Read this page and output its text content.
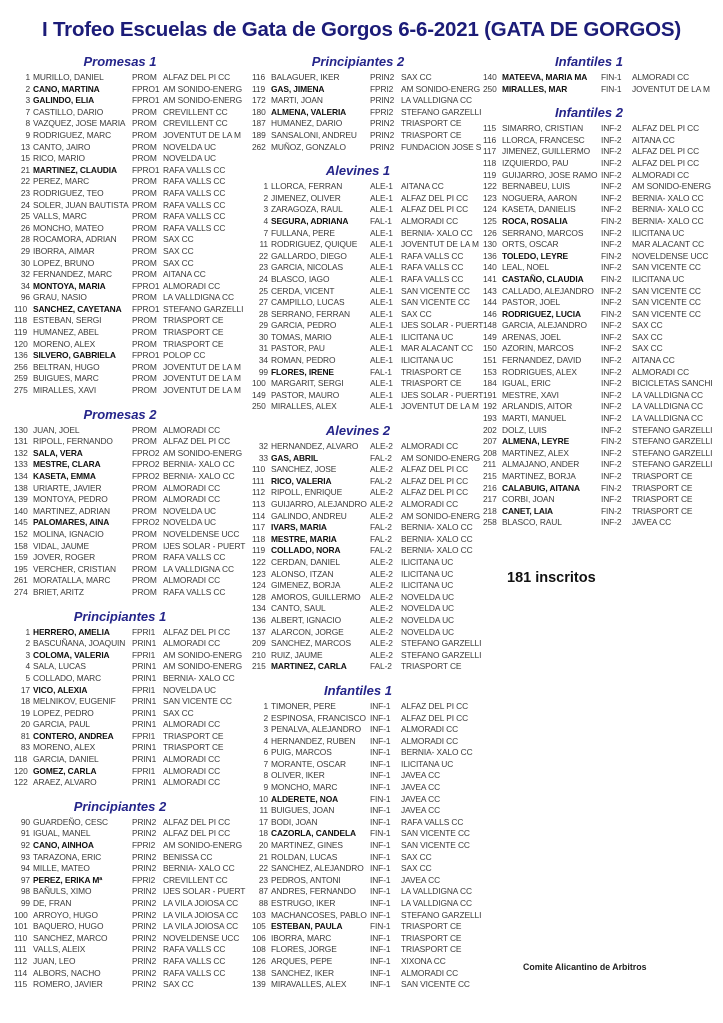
I Trofeo Escuelas de Gata de Gorgos 6-6-2021 (GATA DE GORGOS)
Promesas 1
1 MURILLO, DANIEL	PROM ALFAZ DEL PI CC
2 CANO, MARTINA	FPRO1 AM SONIDO-ENERG
3 GALINDO, ELIA	FPRO1 AM SONIDO-ENERG
7 CASTILLO, DARIO	PROM CREVILLENT CC
8 VAZQUEZ, JOSE MARIA PROM CREVILLENT CC
9 RODRIGUEZ, MARC	PROM JOVENTUT DE LA M
13 CANTO, JAIRO	PROM NOVELDA UC
15 RICO, MARIO	PROM NOVELDA UC
21 MARTINEZ, CLAUDIA	FPRO1 RAFA VALLS CC
22 PEREZ, MARC	PROM RAFA VALLS CC
23 RODRIGUEZ, TEO	PROM RAFA VALLS CC
24 SOLER, JUAN BAUTISTA PROM RAFA VALLS CC
25 VALLS, MARC	PROM RAFA VALLS CC
26 MONCHO, MATEO	PROM RAFA VALLS CC
28 ROCAMORA, ADRIAN	PROM SAX CC
29 IBORRA, AIMAR	PROM SAX CC
30 LOPEZ, BRUNO	PROM SAX CC
32 FERNANDEZ, MARC	PROM AITANA CC
34 MONTOYA, MARIA	FPRO1 ALMORADI CC
96 GRAU, NASIO	PROM LA VALLDIGNA CC
110 SANCHEZ, CAYETANA	FPRO1 STEFANO GARZELLI
118 ESTEBAN, SERGI	PROM TRIASPORT CE
119 HUMANEZ, ABEL	PROM TRIASPORT CE
120 MORENO, ALEX	PROM TRIASPORT CE
136 SILVERO, GABRIELA	FPRO1 POLOP CC
256 BELTRAN, HUGO	PROM JOVENTUT DE LA M
259 BUIGUES, MARC	PROM JOVENTUT DE LA M
275 MIRALLES, XAVI	PROM JOVENTUT DE LA M
Promesas 2
130 JUAN, JOEL	PROM ALMORADI CC
131 RIPOLL, FERNANDO	PROM ALFAZ DEL PI CC
132 SALA, VERA	FPRO2 AM SONIDO-ENERG
133 MESTRE, CLARA	FPRO2 BERNIA- XALO CC
134 KASETA, EMMA	FPRO2 BERNIA- XALO CC
138 URIARTE, JAVIER	PROM ALMORADI CC
139 MONTOYA, PEDRO	PROM ALMORADI CC
140 MARTINEZ, ADRIAN	PROM NOVELDA UC
145 PALOMARES, AINA	FPRO2 NOVELDA UC
152 MOLINA, IGNACIO	PROM NOVELDENSE UCC
158 VIDAL, JAUME	PROM IJES SOLAR - PUERT
159 JOVER, ROGER	PROM RAFA VALLS CC
195 VERCHER, CRISTIAN	PROM LA VALLDIGNA CC
261 MORATALLA, MARC	PROM ALMORADI CC
274 BRIET, ARITZ	PROM RAFA VALLS CC
Principiantes 1
1 HERRERO, AMELIA	FPRI1 ALFAZ DEL PI CC
2 BASCUÑANA, JOAQUIN PRIN1 ALMORADI CC
3 COLOMA, VALERIA	FPRI1 AM SONIDO-ENERG
4 SALA, LUCAS	PRIN1 AM SONIDO-ENERG
5 COLLADO, MARC	PRIN1 BERNIA- XALO CC
17 VICO, ALEXIA	FPRI1 NOVELDA UC
18 MELNIKOV, EUGENIF	PRIN1 SAN VICENTE CC
19 LOPEZ, PEDRO	PRIN1 SAX CC
20 GARCIA, PAUL	PRIN1 ALMORADI CC
81 CONTERO, ANDREA	FPRI1 TRIASPORT CE
83 MORENO, ALEX	PRIN1 TRIASPORT CE
118 GARCIA, DANIEL	PRIN1 ALMORADI CC
120 GOMEZ, CARLA	FPRI1 ALMORADI CC
122 ARAEZ, ALVARO	PRIN1 ALMORADI CC
Principiantes 2
90 GUARDEÑO, CESC	PRIN2 ALFAZ DEL PI CC
91 IGUAL, MANEL	PRIN2 ALFAZ DEL PI CC
92 CANO, AINHOA	FPRI2 AM SONIDO-ENERG
93 TARAZONA, ERIC	PRIN2 BENISSA CC
94 MILLE, MATEO	PRIN2 BERNIA- XALO CC
97 PEREZ, ERIKA Mª	FPRI2 CREVILLENT CC
98 BAÑULS, XIMO	PRIN2 IJES SOLAR - PUERT
99 DE, FRAN	PRIN2 LA VILA JOIOSA CC
100 ARROYO, HUGO	PRIN2 LA VILA JOIOSA CC
101 BAQUERO, HUGO	PRIN2 LA VILA JOIOSA CC
110 SANCHEZ, MARCO	PRIN2 NOVELDENSE UCC
111 VALLS, ALEIX	PRIN2 RAFA VALLS CC
112 JUAN, LEO	PRIN2 RAFA VALLS CC
114 ALBORS, NACHO	PRIN2 RAFA VALLS CC
115 ROMERO, JAVIER	PRIN2 SAX CC
Principiantes 2
116 BALAGUER, IKER	PRIN2 SAX CC
119 GAS, JIMENA	FPRI2 AM SONIDO-ENERG
172 MARTI, JOAN	PRIN2 LA VALLDIGNA CC
180 ALMENA, VALERIA	FPRI2 STEFANO GARZELLI
187 HUMANEZ, DARIO	PRIN2 TRIASPORT CE
189 SANSALONI, ANDREU	PRIN2 TRIASPORT CE
262 MUÑOZ, GONZALO	PRIN2 FUNDACION JOSE S
Alevines 1
1 LLORCA, FERRAN	ALE-1 AITANA CC
2 JIMENEZ, OLIVER	ALE-1 ALFAZ DEL PI CC
3 ZARAGOZA, RAUL	ALE-1 ALFAZ DEL PI CC
4 SEGURA, ADRIANA	FAL-1	ALMORADI CC
7 FULLANA, PERE	ALE-1 BERNIA- XALO CC
11 RODRIGUEZ, QUIQUE	ALE-1 JOVENTUT DE LA M
22 GALLARDO, DIEGO	ALE-1 RAFA VALLS CC
23 GARCIA, NICOLAS	ALE-1 RAFA VALLS CC
24 BLASCO, IAGO	ALE-1 RAFA VALLS CC
25 CERDA, VICENT	ALE-1 SAN VICENTE CC
27 CAMPILLO, LUCAS	ALE-1 SAN VICENTE CC
28 SERRANO, FERRAN	ALE-1 SAX CC
29 GARCIA, PEDRO	ALE-1 IJES SOLAR - PUERT
30 TOMAS, MARIO	ALE-1 ILICITANA UC
31 PASTOR, PAU	ALE-1 MAR ALACANT CC
34 ROMAN, PEDRO	ALE-1 ILICITANA UC
99 FLORES, IRENE	FAL-1	TRIASPORT CE
100 MARGARIT, SERGI	ALE-1 TRIASPORT CE
149 PASTOR, MAURO	ALE-1 IJES SOLAR - PUERT
250 MIRALLES, ALEX	ALE-1 JOVENTUT DE LA M
Alevines 2
32 HERNANDEZ, ALVARO	ALE-2 ALMORADI CC
33 GAS, ABRIL	FAL-2	AM SONIDO-ENERG
110 SANCHEZ, JOSE	ALE-2 ALFAZ DEL PI CC
111 RICO, VALERIA	FAL-2	ALFAZ DEL PI CC
112 RIPOLL, ENRIQUE	ALE-2 ALFAZ DEL PI CC
113 GUIJARRO, ALEJANDRO ALE-2 ALMORADI CC
114 GALINDO, ANDREU	ALE-2 AM SONIDO-ENERG
117 IVARS, MARIA	FAL-2	BERNIA- XALO CC
118 MESTRE, MARIA	FAL-2	BERNIA- XALO CC
119 COLLADO, NORA	FAL-2	BERNIA- XALO CC
122 CERDAN, DANIEL	ALE-2 ILICITANA UC
123 ALONSO, ITZAN	ALE-2 ILICITANA UC
124 GIMENEZ, BORJA	ALE-2 ILICITANA UC
128 AMOROS, GUILLERMO	ALE-2 NOVELDA UC
134 CANTO, SAUL	ALE-2 NOVELDA UC
136 ALBERT, IGNACIO	ALE-2 NOVELDA UC
137 ALARCON, JORGE	ALE-2 NOVELDA UC
209 SANCHEZ, MARCOS	ALE-2 STEFANO GARZELLI
210 RUIZ, JAUME	ALE-2 STEFANO GARZELLI
215 MARTINEZ, CARLA	FAL-2	TRIASPORT CE
Infantiles 1
1 TIMONER, PERE	INF-1	ALFAZ DEL PI CC
2 ESPINOSA, FRANCISCO INF-1	ALFAZ DEL PI CC
3 PENALVA, ALEJANDRO	INF-1	ALMORADI CC
4 HERNANDEZ, RUBEN	INF-1	ALMORADI CC
6 PUIG, MARCOS	INF-1	BERNIA- XALO CC
7 MORANTE, OSCAR	INF-1	ILICITANA UC
8 OLIVER, IKER	INF-1	JAVEA CC
9 MONCHO, MARC	INF-1	JAVEA CC
10 ALDERETE, NOA	FIN-1	JAVEA CC
11 BUIGUES, JOAN	INF-1	JAVEA CC
17 BODI, JOAN	INF-1	RAFA VALLS CC
18 CAZORLA, CANDELA	FIN-1	SAN VICENTE CC
20 MARTINEZ, GINES	INF-1	SAN VICENTE CC
21 ROLDAN, LUCAS	INF-1	SAX CC
22 SANCHEZ, ALEJANDRO INF-1	SAX CC
23 PEDROS, ANTONI	INF-1	JAVEA CC
87 ANDRES, FERNANDO	INF-1	LA VALLDIGNA CC
88 ESTRUGO, IKER	INF-1	LA VALLDIGNA CC
103 MACHANCOSES, PABLO INF-1	STEFANO GARZELLI
105 ESTEBAN, PAULA	FIN-1	TRIASPORT CE
106 IBORRA, MARC	INF-1	TRIASPORT CE
108 FLORES, JORGE	INF-1	TRIASPORT CE
126 ARQUES, PEPE	INF-1	XIXONA CC
138 SANCHEZ, IKER	INF-1	ALMORADI CC
139 MIRAVALLES, ALEX	INF-1	SAN VICENTE CC
Infantiles 1
140 MATEEVA, MARIA MA	FIN-1	ALMORADI CC
250 MIRALLES, MAR	FIN-1	JOVENTUT DE LA M
Infantiles 2
115 SIMARRO, CRISTIAN	INF-2	ALFAZ DEL PI CC
116 LLORCA, FRANCESC	INF-2	AITANA CC
117 JIMENEZ, GUILLERMO	INF-2	ALFAZ DEL PI CC
118 IZQUIERDO, PAU	INF-2	ALFAZ DEL PI CC
119 GUIJARRO, JOSE RAMO INF-2	ALMORADI CC
122 BERNABEU, LUIS	INF-2	AM SONIDO-ENERG
123 NOGUERA, AARON	INF-2	BERNIA- XALO CC
124 KASETA, DANIELIS	INF-2	BERNIA- XALO CC
125 ROCA, ROSALIA	FIN-2	BERNIA- XALO CC
126 SERRANO, MARCOS	INF-2	ILICITANA UC
130 ORTS, OSCAR	INF-2	MAR ALACANT CC
136 TOLEDO, LEYRE	FIN-2	NOVELDENSE UCC
140 LEAL, NOEL	INF-2	SAN VICENTE CC
141 CASTAÑO, CLAUDIA	FIN-2	ILICITANA UC
143 CALLADO, ALEJANDRO INF-2	SAN VICENTE CC
144 PASTOR, JOEL	INF-2	SAN VICENTE CC
146 RODRIGUEZ, LUCIA	FIN-2	SAN VICENTE CC
148 GARCIA, ALEJANDRO	INF-2	SAX CC
149 ARENAS, JOEL	INF-2	SAX CC
150 AZORIN, MARCOS	INF-2	SAX CC
151 FERNANDEZ, DAVID	INF-2	AITANA CC
153 RODRIGUES, ALEX	INF-2	ALMORADI CC
184 IGUAL, ERIC	INF-2	BICICLETAS SANCHI
191 MESTRE, XAVI	INF-2	LA VALLDIGNA CC
192 ARLANDIS, AITOR	INF-2	LA VALLDIGNA CC
193 MARTI, MANUEL	INF-2	LA VALLDIGNA CC
202 DOLZ, LUIS	INF-2	STEFANO GARZELLI
207 ALMENA, LEYRE	FIN-2	STEFANO GARZELLI
208 MARTINEZ, ALEX	INF-2	STEFANO GARZELLI
211 ALMAJANO, ANDER	INF-2	STEFANO GARZELLI
215 MARTINEZ, BORJA	INF-2	TRIASPORT CE
216 CALABUIG, AITANA	FIN-2	TRIASPORT CE
217 CORBI, JOAN	INF-2	TRIASPORT CE
218 CANET, LAIA	FIN-2	TRIASPORT CE
258 BLASCO, RAUL	INF-2	JAVEA CC
181 inscritos
Comite Alicantino de Arbitros
